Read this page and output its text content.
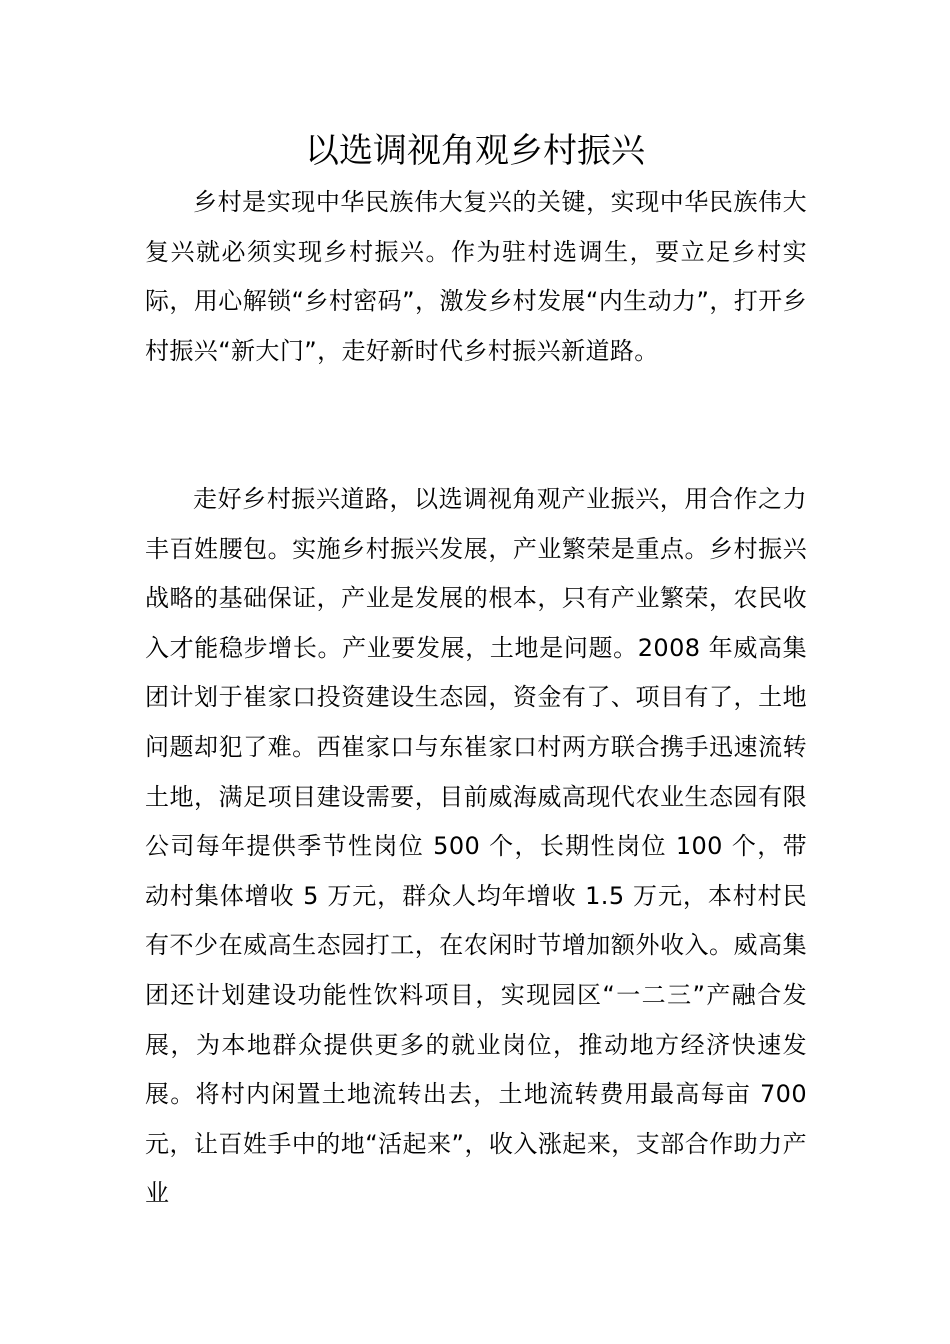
以选调视角观乡村振兴

乡村是实现中华民族伟大复兴的关键，实现中华民族伟大复兴就必须实现乡村振兴。作为驻村选调生，要立足乡村实际，用心解锁“乡村密码”，激发乡村发展“内生动力”，打开乡村振兴“新大门”，走好新时代乡村振兴新道路。

走好乡村振兴道路，以选调视角观产业振兴，用合作之力丰百姓腰包。实施乡村振兴发展，产业繁荣是重点。乡村振兴战略的基础保证，产业是发展的根本，只有产业繁荣，农民收入才能稳步增长。产业要发展，土地是问题。2008 年威高集团计划于崔家口投资建设生态园，资金有了、项目有了，土地问题却犯了难。西崔家口与东崔家口村两方联合携手迅速流转土地，满足项目建设需要，目前威海威高现代农业生态园有限公司每年提供季节性岗位 500 个，长期性岗位 100 个，带动村集体增收 5 万元，群众人均年增收 1.5 万元，本村村民有不少在威高生态园打工，在农闲时节增加额外收入。威高集团还计划建设功能性饮料项目，实现园区“一二三”产融合发展，为本地群众提供更多的就业岗位，推动地方经济快速发展。将村内闲置土地流转出去，土地流转费用最高每亩 700 元，让百姓手中的地“活起来”，收入涨起来，支部合作助力产业
